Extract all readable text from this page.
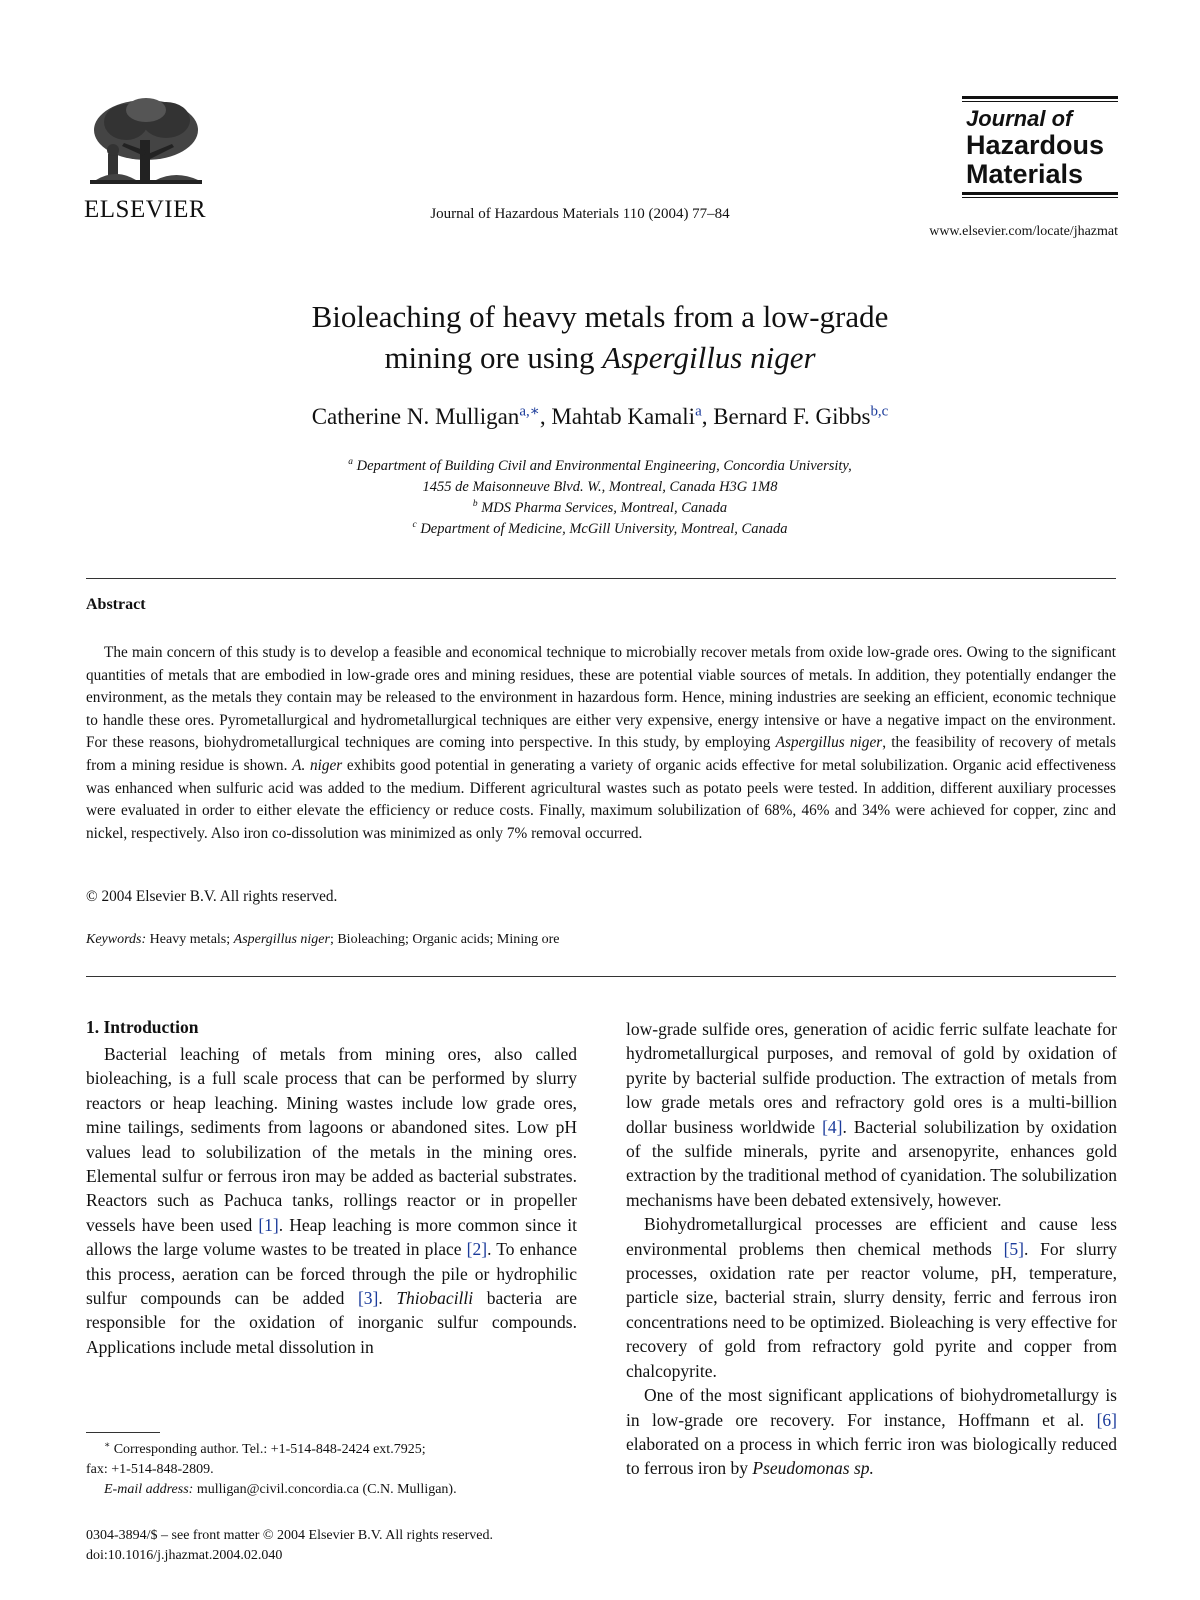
ELSEVIER	Journal of Hazardous Materials 110 (2004) 77–84
Journal of
Hazardous
Materials
www.elsevier.com/locate/jhazmat
Bioleaching of heavy metals from a low-grade
mining ore using Aspergillus niger
Catherine N. Mulligan$^{a,∗}$, Mahtab Kamali$^a$, Bernard F. Gibbs$^{b,c}$
$^a$ Department of Building Civil and Environmental Engineering, Concordia University,
1455 de Maisonneuve Blvd. W., Montreal, Canada H3G 1M8
$^b$ MDS Pharma Services, Montreal, Canada
$^c$ Department of Medicine, McGill University, Montreal, Canada
Abstract

The main concern of this study is to develop a feasible and economical technique to microbially recover metals from oxide low-grade ores. Owing to the significant quantities of metals that are embodied in low-grade ores and mining residues, these are potential viable sources of metals. In addition, they potentially endanger the environment, as the metals they contain may be released to the environment in hazardous form. Hence, mining industries are seeking an efficient, economic technique to handle these ores. Pyrometallurgical and hydrometallurgical techniques are either very expensive, energy intensive or have a negative impact on the environment. For these reasons, biohydrometallurgical techniques are coming into perspective. In this study, by employing Aspergillus niger, the feasibility of recovery of metals from a mining residue is shown. A. niger exhibits good potential in generating a variety of organic acids effective for metal solubilization. Organic acid effectiveness was enhanced when sulfuric acid was added to the medium. Different agricultural wastes such as potato peels were tested. In addition, different auxiliary processes were evaluated in order to either elevate the efficiency or reduce costs. Finally, maximum solubilization of 68%, 46% and 34% were achieved for copper, zinc and nickel, respectively. Also iron co-dissolution was minimized as only 7% removal occurred.

© 2004 Elsevier B.V. All rights reserved.
Keywords: Heavy metals; Aspergillus niger; Bioleaching; Organic acids; Mining ore
1. Introduction

Bacterial leaching of metals from mining ores, also called bioleaching, is a full scale process that can be performed by slurry reactors or heap leaching. Mining wastes include low grade ores, mine tailings, sediments from lagoons or abandoned sites. Low pH values lead to solubilization of the metals in the mining ores. Elemental sulfur or ferrous iron may be added as bacterial substrates. Reactors such as Pachuca tanks, rollings reactor or in propeller vessels have been used [1]. Heap leaching is more common since it allows the large volume wastes to be treated in place [2]. To enhance this process, aeration can be forced through the pile or hydrophilic sulfur compounds can be added [3]. Thiobacilli bacteria are responsible for the oxidation of inorganic sulfur compounds. Applications include metal dissolution in

low-grade sulfide ores, generation of acidic ferric sulfate leachate for hydrometallurgical purposes, and removal of gold by oxidation of pyrite by bacterial sulfide production. The extraction of metals from low grade metals ores and refractory gold ores is a multi-billion dollar business worldwide [4]. Bacterial solubilization by oxidation of the sulfide minerals, pyrite and arsenopyrite, enhances gold extraction by the traditional method of cyanidation. The solubilization mechanisms have been debated extensively, however.

Biohydrometallurgical processes are efficient and cause less environmental problems then chemical methods [5]. For slurry processes, oxidation rate per reactor volume, pH, temperature, particle size, bacterial strain, slurry density, ferric and ferrous iron concentrations need to be optimized. Bioleaching is very effective for recovery of gold from refractory gold pyrite and copper from chalcopyrite.

One of the most significant applications of biohydrometallurgy is in low-grade ore recovery. For instance, Hoffmann et al. [6] elaborated on a process in which ferric iron was biologically reduced to ferrous iron by Pseudomonas sp.

∗ Corresponding author. Tel.: +1-514-848-2424 ext.7925;
fax: +1-514-848-2809.
E-mail address: mulligan@civil.concordia.ca (C.N. Mulligan).
0304-3894/$ – see front matter © 2004 Elsevier B.V. All rights reserved.
doi:10.1016/j.jhazmat.2004.02.040
